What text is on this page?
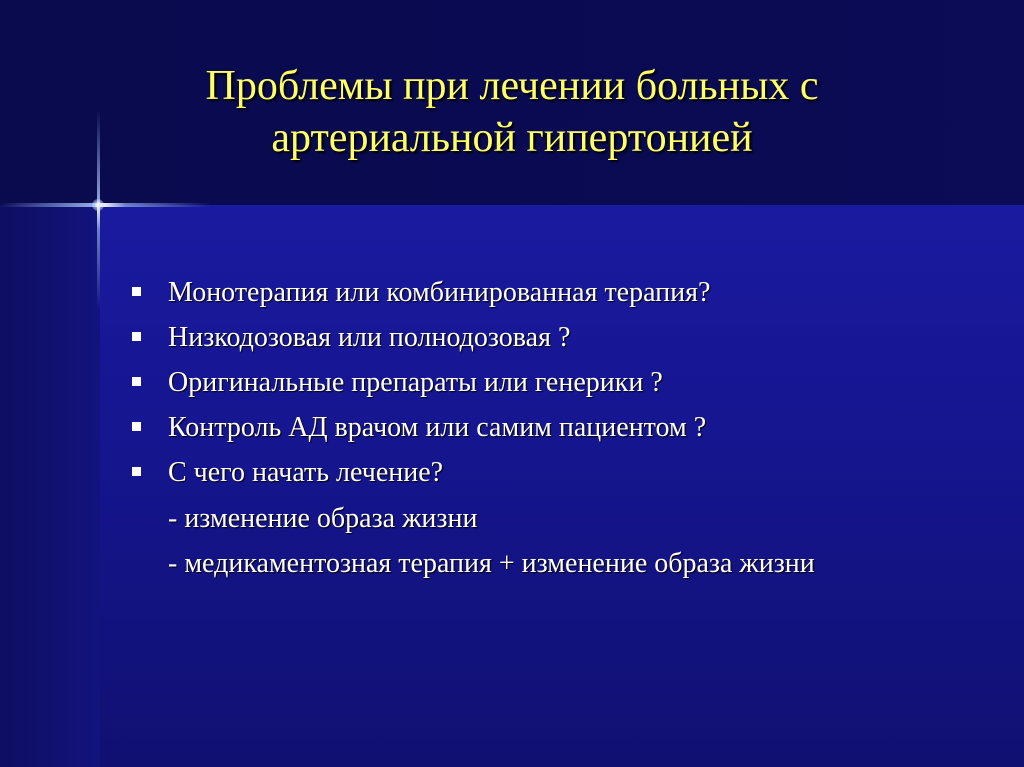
Проблемы при лечении больных с
артериальной гипертонией
Монотерапия или комбинированная терапия?
Низкодозовая или полнодозовая ?
Оригинальные препараты или генерики ?
Контроль АД врачом или самим пациентом ?
С чего начать лечение?

- изменение образа жизни

- медикаментозная терапия + изменение образа жизни
